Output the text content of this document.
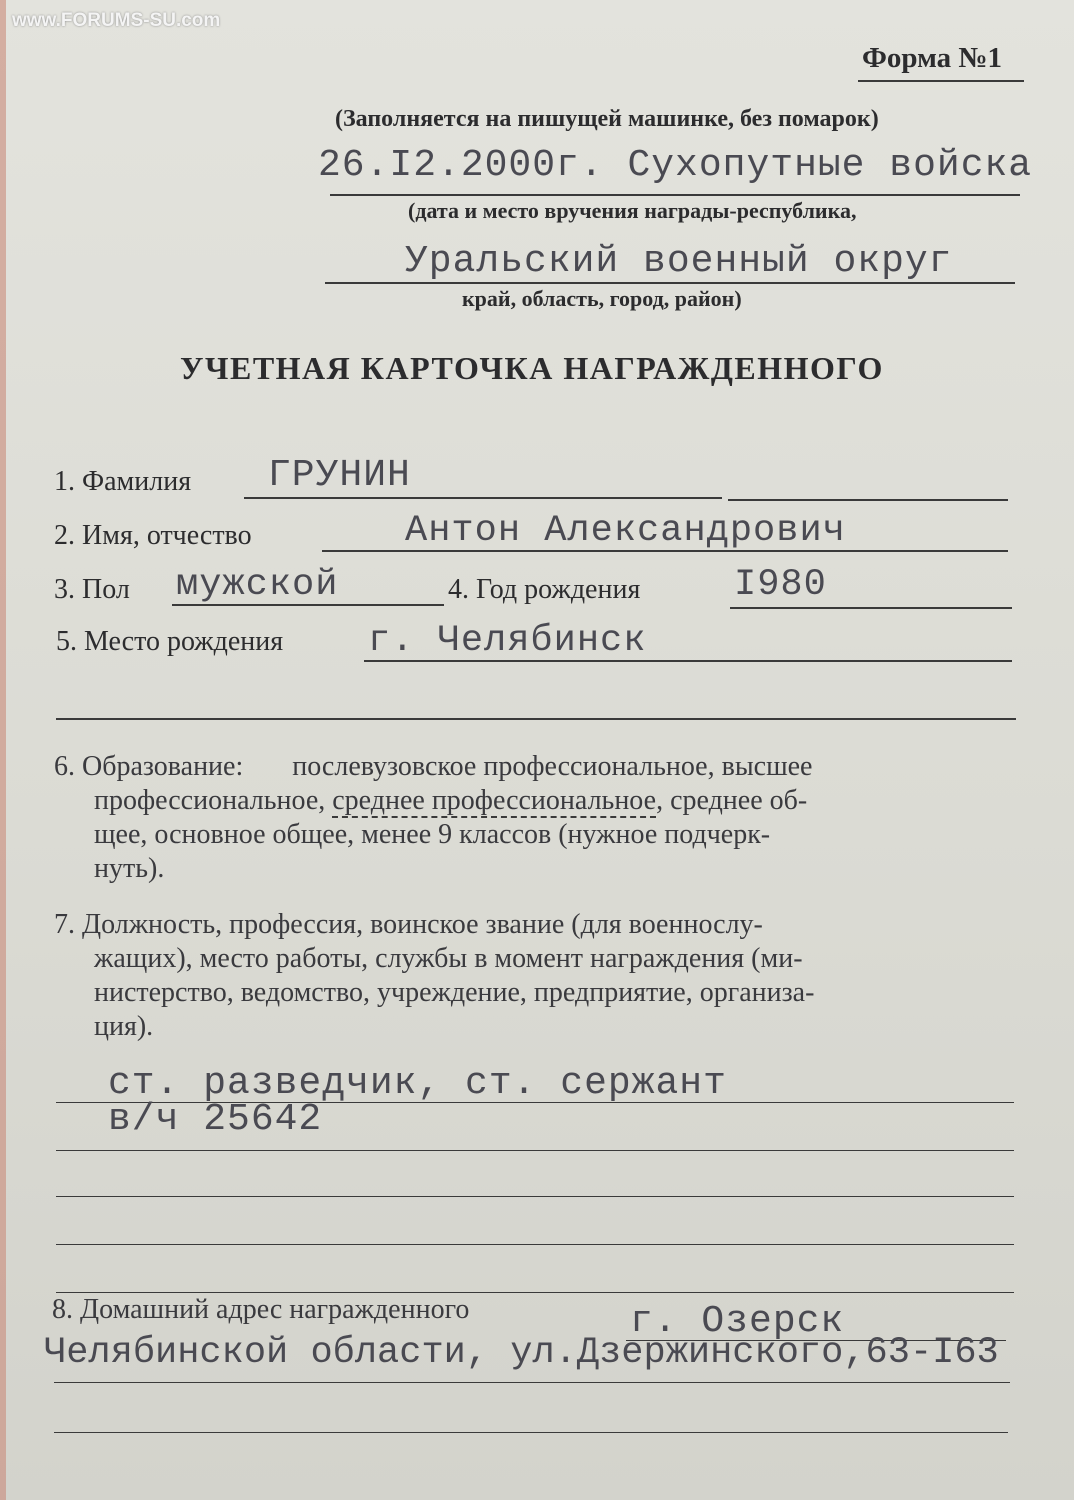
www.FORUMS-SU.com
Форма №1
(Заполняется на пишущей машинке, без помарок)
26.I2.2000г. Сухопутные войска
(дата и место вручения награды-республика,
Уральский военный округ
край, область, город, район)
УЧЕТНАЯ КАРТОЧКА НАГРАЖДЕННОГО
1. Фамилия ГРУНИН
2. Имя, отчество	Антон Александрович
3. Пол мужской	4. Год рождения	I980
5. Место рождения г. Челябинск
6. Образование: послевузовское профессиональное, высшее
профессиональное, среднее профессиональное, среднее об-
щее, основное общее, менее 9 классов (нужное подчерк-
нуть).
7. Должность, профессия, воинское звание (для военнослу-
жащих), место работы, службы в момент награждения (ми-
нистерство, ведомство, учреждение, предприятие, организа-
ция).
ст. разведчик, ст. сержант
в/ч 25642
8. Домашний адрес награжденного	г. Озерск
Челябинской области, ул.Дзержинского,63-I63
